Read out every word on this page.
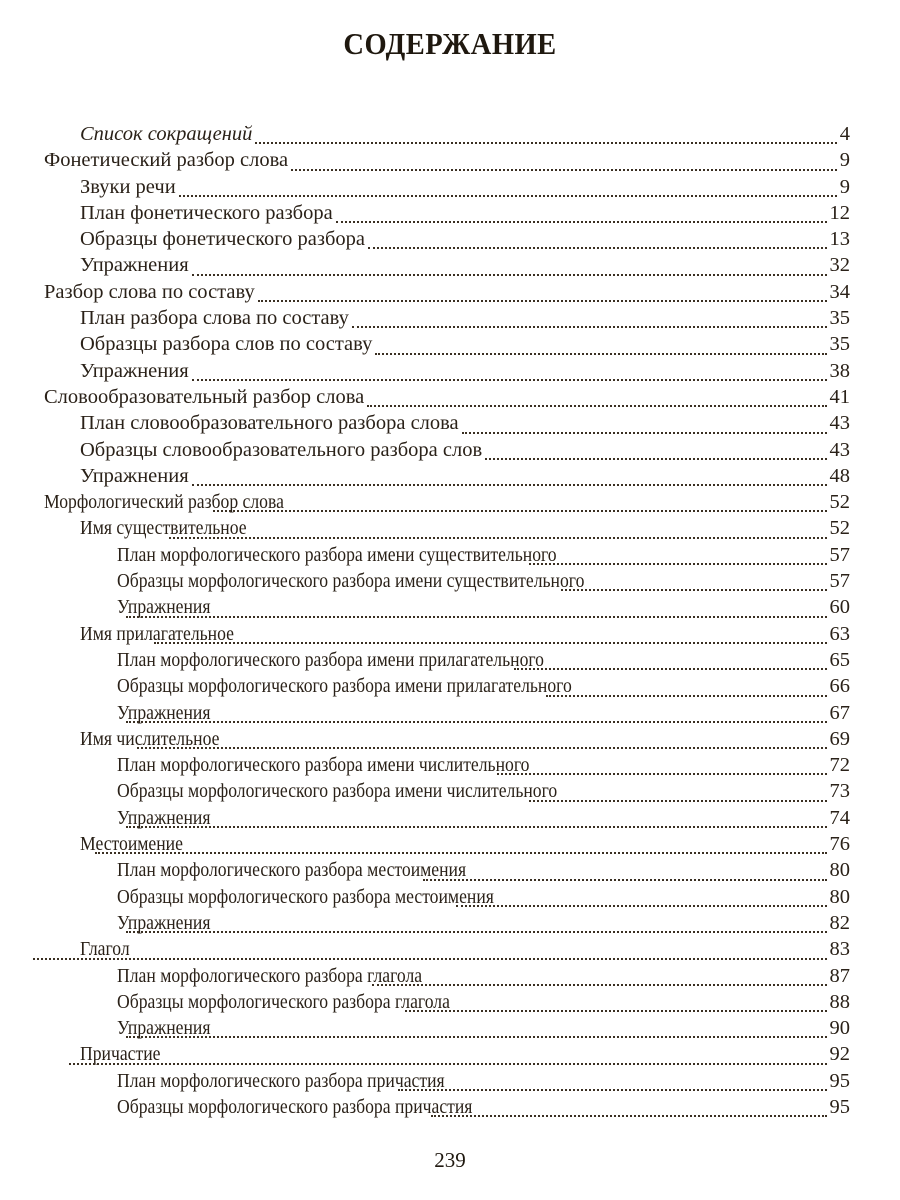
СОДЕРЖАНИЕ
Список сокращений	4
Фонетический разбор слова	9
Звуки речи	9
План фонетического разбора	12
Образцы фонетического разбора	13
Упражнения	32
Разбор слова по составу	34
План разбора слова по составу	35
Образцы разбора слов по составу	35
Упражнения	38
Словообразовательный разбор слова	41
План словообразовательного разбора слова	43
Образцы словообразовательного разбора слов	43
Упражнения	48
Морфологический разбор слова	52
Имя существительное	52
План морфологического разбора имени существительного	57
Образцы морфологического разбора имени существительного	57
Упражнения	60
Имя прилагательное	63
План морфологического разбора имени прилагательного	65
Образцы морфологического разбора имени прилагательного	66
Упражнения	67
Имя числительное	69
План морфологического разбора имени числительного	72
Образцы морфологического разбора имени числительного	73
Упражнения	74
Местоимение	76
План морфологического разбора местоимения	80
Образцы морфологического разбора местоимения	80
Упражнения	82
Глагол	83
План морфологического разбора глагола	87
Образцы морфологического разбора глагола	88
Упражнения	90
Причастие	92
План морфологического разбора причастия	95
Образцы морфологического разбора причастия	95
239
